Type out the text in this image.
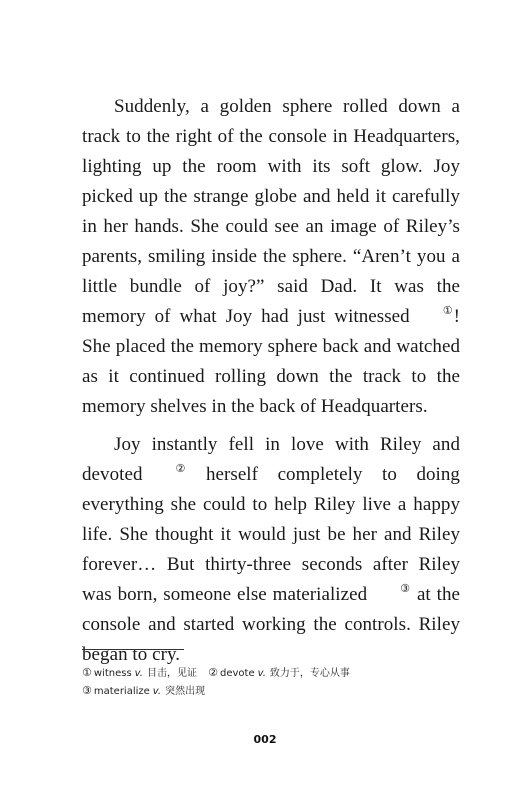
Suddenly, a golden sphere rolled down a track to the right of the console in Headquarters, lighting up the room with its soft glow. Joy picked up the strange globe and held it carefully in her hands. She could see an image of Riley’s parents, smiling inside the sphere. “Aren’t you a little bundle of joy?” said Dad. It was the memory of what Joy had just witnessed	①! She placed the memory sphere back and watched as it continued rolling down the track to the memory shelves in the back of Headquarters.

Joy instantly fell in love with Riley and devoted	② herself completely to doing everything she could to help Riley live a happy life. She thought it would just be her and Riley forever… But thirty-three seconds after Riley was born, someone else materialized	③ at the console and started working the controls. Riley began to cry.

① witness v. 目击，见证 ② devote v. 致力于，专心从事
③ materialize v. 突然出现
002
